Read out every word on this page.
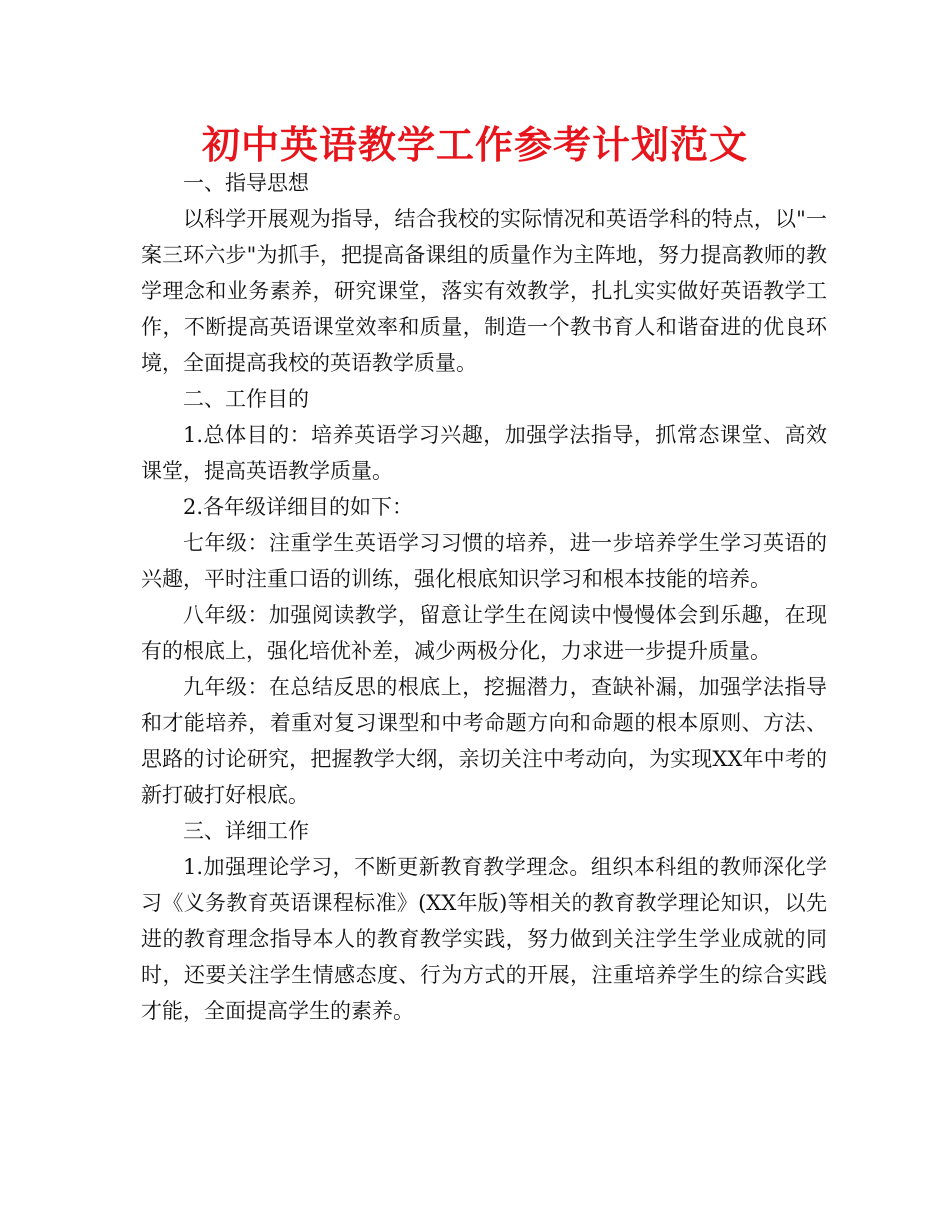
初中英语教学工作参考计划范文

一、指导思想

以科学开展观为指导，结合我校的实际情况和英语学科的特点，以"一案三环六步"为抓手，把提高备课组的质量作为主阵地，努力提高教师的教学理念和业务素养，研究课堂，落实有效教学，扎扎实实做好英语教学工作，不断提高英语课堂效率和质量，制造一个教书育人和谐奋进的优良环境，全面提高我校的英语教学质量。

二、工作目的

1.总体目的：培养英语学习兴趣，加强学法指导，抓常态课堂、高效课堂，提高英语教学质量。

2.各年级详细目的如下：

七年级：注重学生英语学习习惯的培养，进一步培养学生学习英语的兴趣，平时注重口语的训练，强化根底知识学习和根本技能的培养。

八年级：加强阅读教学，留意让学生在阅读中慢慢体会到乐趣，在现有的根底上，强化培优补差，减少两极分化，力求进一步提升质量。

九年级：在总结反思的根底上，挖掘潜力，查缺补漏，加强学法指导和才能培养，着重对复习课型和中考命题方向和命题的根本原则、方法、思路的讨论研究，把握教学大纲，亲切关注中考动向，为实现XX年中考的新打破打好根底。

三、详细工作

1.加强理论学习，不断更新教育教学理念。组织本科组的教师深化学习《义务教育英语课程标准》(XX年版)等相关的教育教学理论知识，以先进的教育理念指导本人的教育教学实践，努力做到关注学生学业成就的同时，还要关注学生情感态度、行为方式的开展，注重培养学生的综合实践才能，全面提高学生的素养。
